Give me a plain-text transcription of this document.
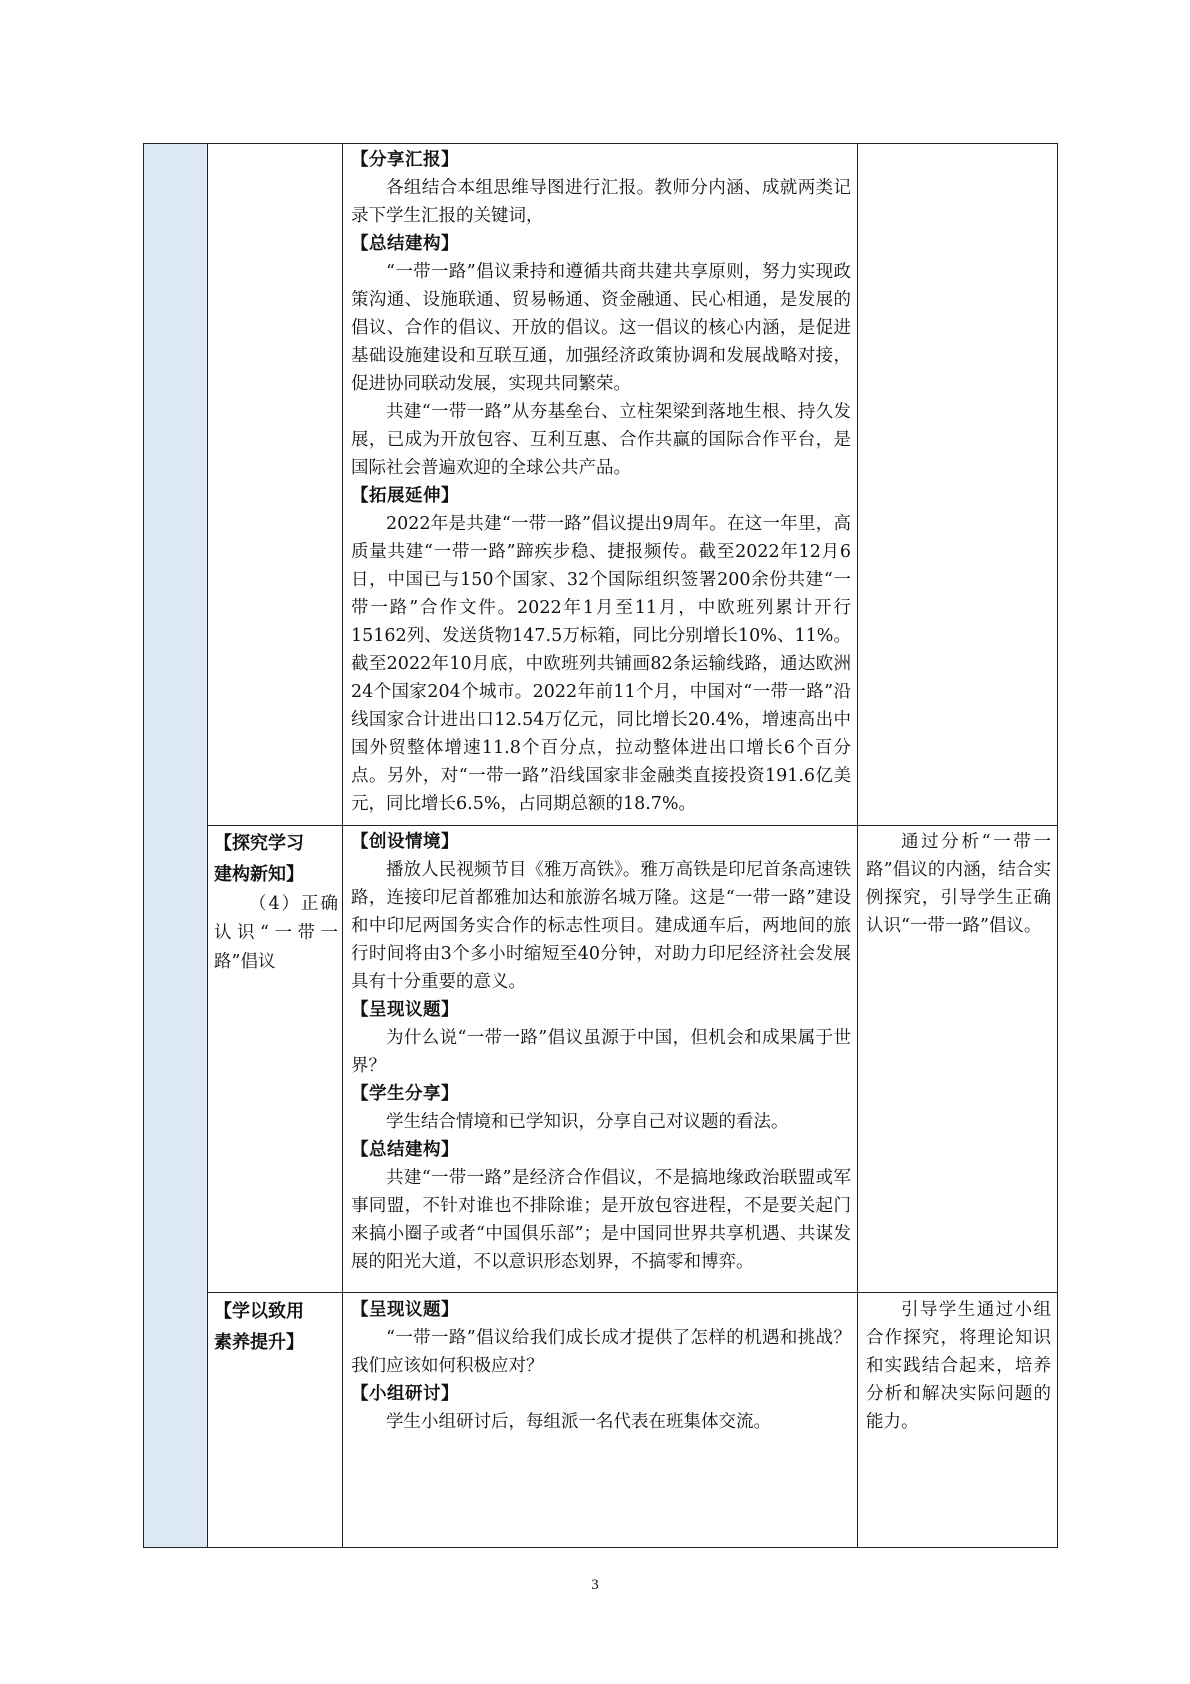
【分享汇报】

各组结合本组思维导图进行汇报。教师分内涵、成就两类记录下学生汇报的关键词，

【总结建构】

“一带一路”倡议秉持和遵循共商共建共享原则，努力实现政策沟通、设施联通、贸易畅通、资金融通、民心相通，是发展的倡议、合作的倡议、开放的倡议。这一倡议的核心内涵，是促进基础设施建设和互联互通，加强经济政策协调和发展战略对接，促进协同联动发展，实现共同繁荣。

共建“一带一路”从夯基垒台、立柱架梁到落地生根、持久发展，已成为开放包容、互利互惠、合作共赢的国际合作平台，是国际社会普遍欢迎的全球公共产品。

【拓展延伸】

2022年是共建“一带一路”倡议提出9周年。在这一年里，高质量共建“一带一路”蹄疾步稳、捷报频传。截至2022年12月6日，中国已与150个国家、32个国际组织签署200余份共建“一带一路”合作文件。2022年1月至11月，中欧班列累计开行15162列、发送货物147.5万标箱，同比分别增长10%、11%。截至2022年10月底，中欧班列共铺画82条运输线路，通达欧洲24个国家204个城市。2022年前11个月，中国对“一带一路”沿线国家合计进出口12.54万亿元，同比增长20.4%，增速高出中国外贸整体增速11.8个百分点，拉动整体进出口增长6个百分点。另外，对“一带一路”沿线国家非金融类直接投资191.6亿美元，同比增长6.5%，占同期总额的18.7%。

【探究学习

建构新知】

（4）正确认识“一带一路”倡议

【创设情境】

播放人民视频节目《雅万高铁》。雅万高铁是印尼首条高速铁路，连接印尼首都雅加达和旅游名城万隆。这是“一带一路”建设和中印尼两国务实合作的标志性项目。建成通车后，两地间的旅行时间将由3个多小时缩短至40分钟，对助力印尼经济社会发展具有十分重要的意义。

【呈现议题】

为什么说“一带一路”倡议虽源于中国，但机会和成果属于世界？

【学生分享】

学生结合情境和已学知识，分享自己对议题的看法。

【总结建构】

共建“一带一路”是经济合作倡议，不是搞地缘政治联盟或军事同盟，不针对谁也不排除谁；是开放包容进程，不是要关起门来搞小圈子或者“中国俱乐部”；是中国同世界共享机遇、共谋发展的阳光大道，不以意识形态划界，不搞零和博弈。

通过分析“一带一路”倡议的内涵，结合实例探究，引导学生正确认识“一带一路”倡议。

【学以致用

素养提升】

【呈现议题】

“一带一路”倡议给我们成长成才提供了怎样的机遇和挑战？我们应该如何积极应对？

【小组研讨】

学生小组研讨后，每组派一名代表在班集体交流。

引导学生通过小组合作探究，将理论知识和实践结合起来，培养分析和解决实际问题的能力。

3
